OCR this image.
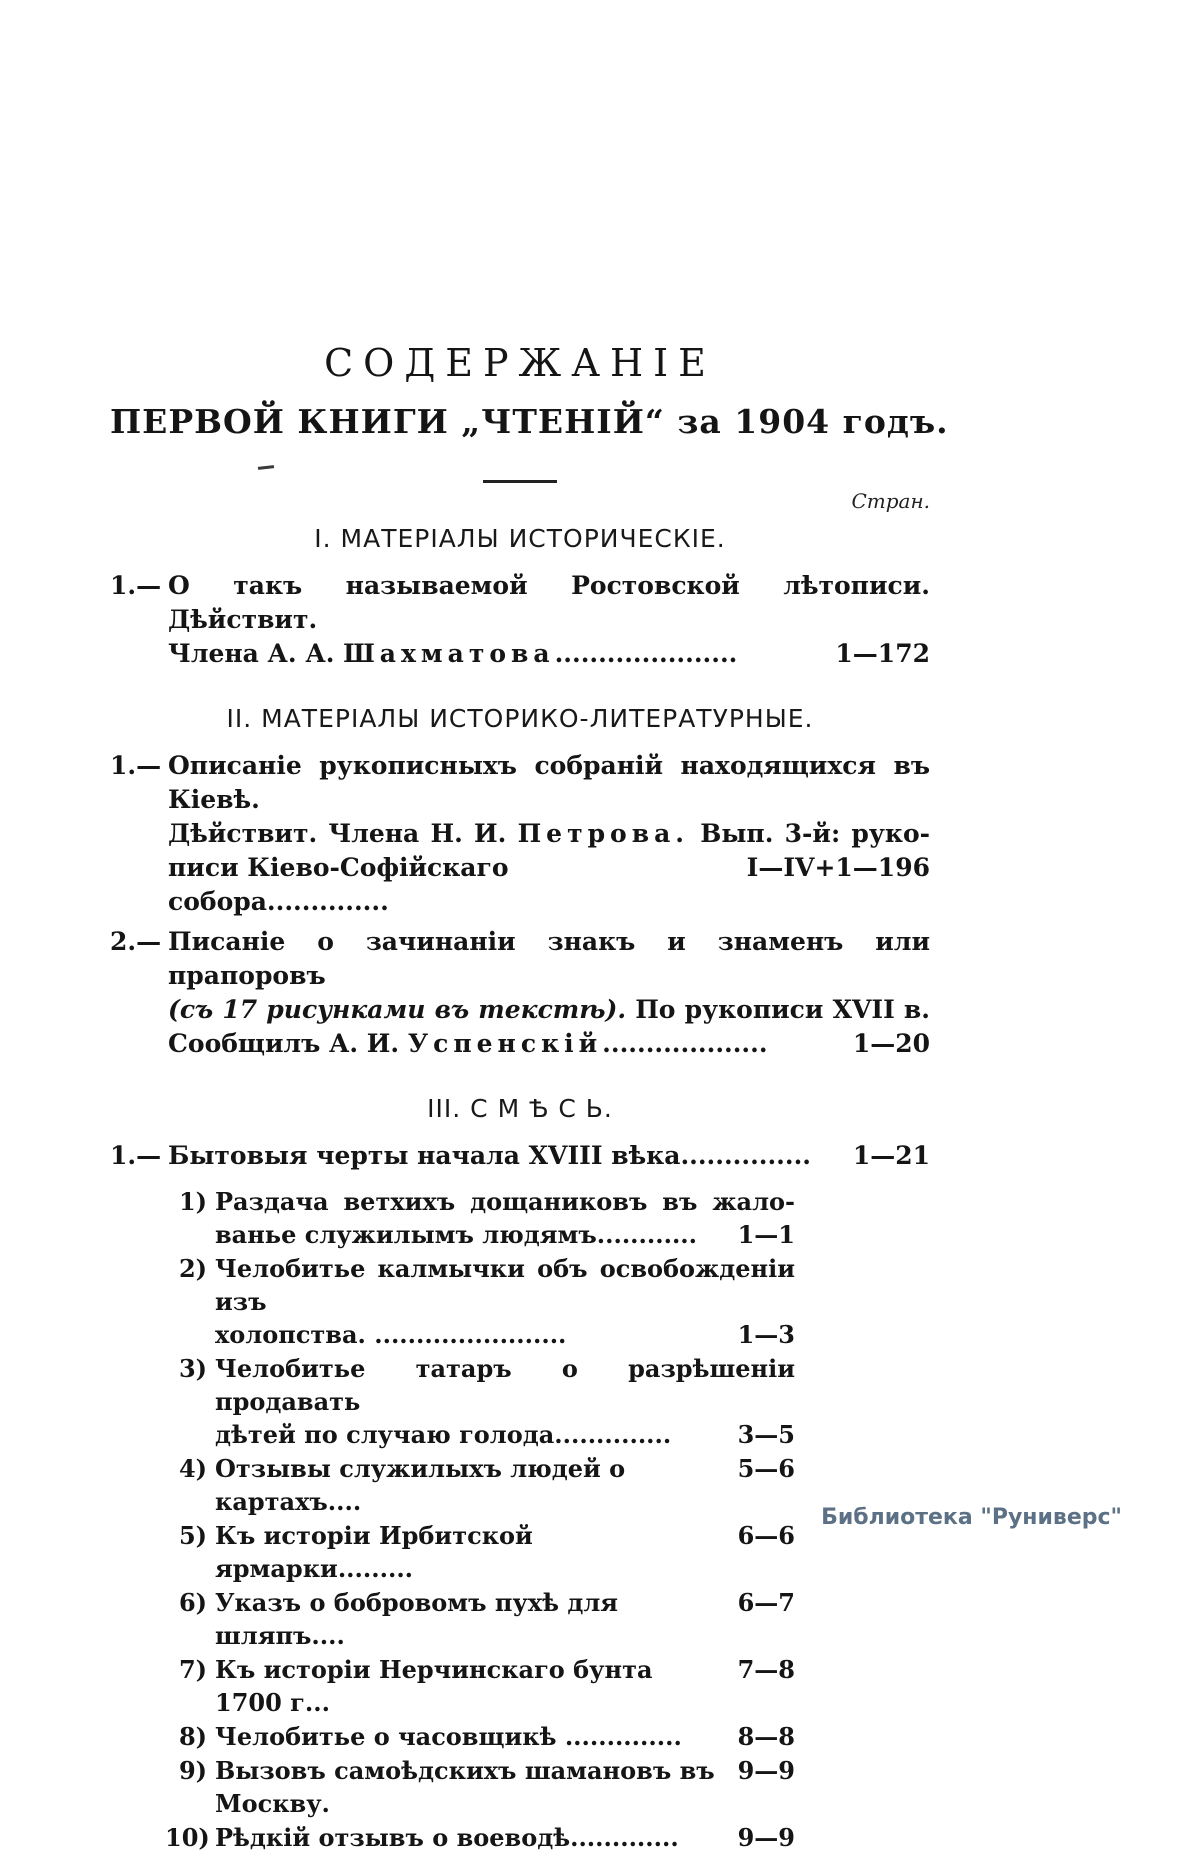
СОДЕРЖАНІЕ
ПЕРВОЙ КНИГИ „ЧТЕНІЙ“ за 1904 годъ.
Стран.
I. МАТЕРІАЛЫ ИСТОРИЧЕСКІЕ.
1.— О такъ называемой Ростовской лѣтописи. Дѣйствит.
Члена А. А. Шахматова.....................	1—172
II. МАТЕРІАЛЫ ИСТОРИКО-ЛИТЕРАТУРНЫЕ.
1.— Описаніе рукописныхъ собраній находящихся въ Кіевѣ.
Дѣйствит. Члена Н. И. Петрова. Вып. 3-й: руко-
писи Кіево-Софійскаго собора..............
I—IV+1—196
2.— Писаніе о зачинаніи знакъ и знаменъ или прапоровъ
(съ 17 рисунками въ текстѣ). По рукописи XVII в.
Сообщилъ А. И. Успенскій...................	1—20
III. С М Ѣ С Ь.
1.— Бытовыя черты начала XVIII вѣка...............	1—21
1) Раздача ветхихъ дощаниковъ въ жало-
ванье служилымъ людямъ............	1—1
2) Челобитье калмычки объ освобожденіи изъ
холопства. .......................	1—3
3) Челобитье татаръ о разрѣшеніи продавать
дѣтей по случаю голода..............	3—5
4) Отзывы служилыхъ людей о картахъ....
5—6
5) Къ исторіи Ирбитской ярмарки.........
6—6
6) Указъ о бобровомъ пухѣ для шляпъ....
6—7
7) Къ исторіи Нерчинскаго бунта 1700 г...
7—8
8) Челобитье о часовщикѣ ..............	8—8
9) Вызовъ самоѣдскихъ шамановъ въ Москву.
9—9
10) Рѣдкій отзывъ о воеводѣ.............	9—9
Библиотека "Руниверс"
